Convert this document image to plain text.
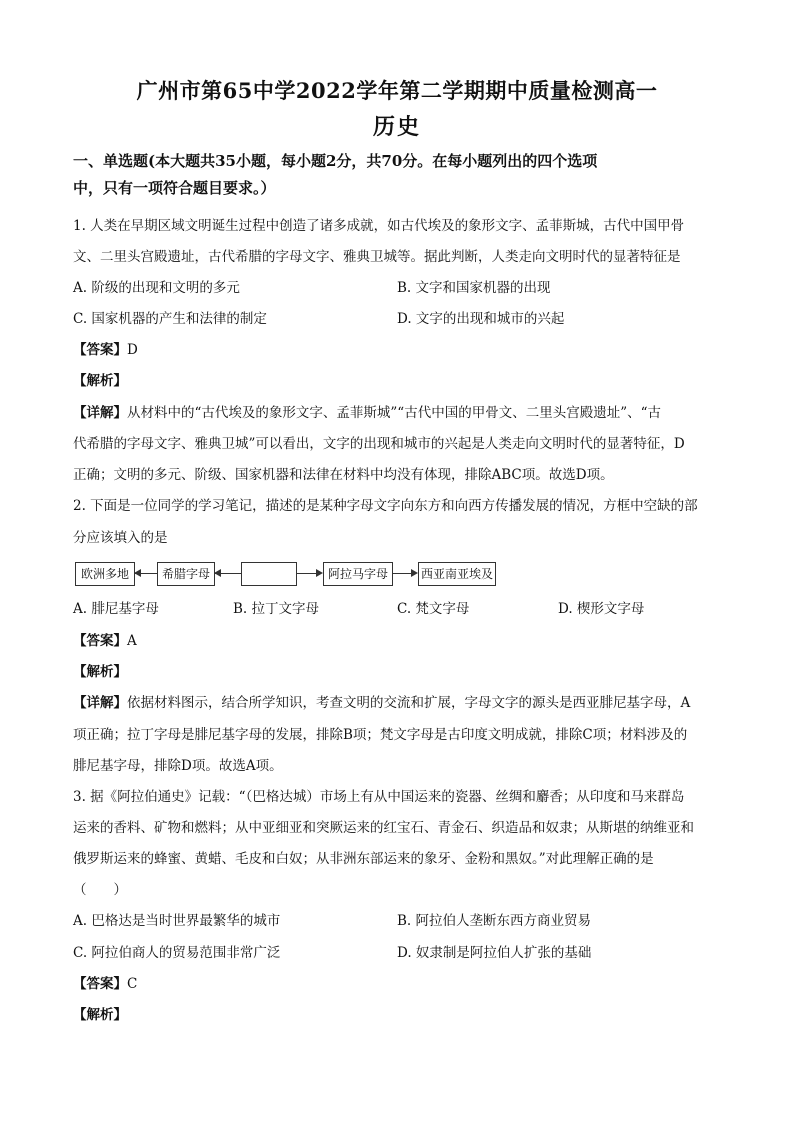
广州市第65中学2022学年第二学期期中质量检测高一
历史
一、单选题(本大题共35小题，每小题2分，共70分。在每小题列出的四个选项
中，只有一项符合题目要求。）
1. 人类在早期区域文明诞生过程中创造了诸多成就，如古代埃及的象形文字、孟菲斯城，古代中国甲骨
文、二里头宫殿遗址，古代希腊的字母文字、雅典卫城等。据此判断，人类走向文明时代的显著特征是
A. 阶级的出现和文明的多元	B. 文字和国家机器的出现
C. 国家机器的产生和法律的制定	D. 文字的出现和城市的兴起
【答案】D
【解析】
【详解】从材料中的“古代埃及的象形文字、孟菲斯城”“古代中国的甲骨文、二里头宫殿遗址”、“古
代希腊的字母文字、雅典卫城”可以看出，文字的出现和城市的兴起是人类走向文明时代的显著特征，D
正确；文明的多元、阶级、国家机器和法律在材料中均没有体现，排除ABC项。故选D项。
2. 下面是一位同学的学习笔记，描述的是某种字母文字向东方和向西方传播发展的情况，方框中空缺的部
分应该填入的是
欧洲多地	希腊字母	阿拉马字母	西亚南亚埃及
A. 腓尼基字母	B. 拉丁文字母	C. 梵文字母	D. 楔形文字母
【答案】A
【解析】
【详解】依据材料图示，结合所学知识，考查文明的交流和扩展，字母文字的源头是西亚腓尼基字母，A
项正确；拉丁字母是腓尼基字母的发展，排除B项；梵文字母是古印度文明成就，排除C项；材料涉及的
腓尼基字母，排除D项。故选A项。
3. 据《阿拉伯通史》记载：“（巴格达城）市场上有从中国运来的瓷器、丝绸和麝香；从印度和马来群岛
运来的香料、矿物和燃料；从中亚细亚和突厥运来的红宝石、青金石、织造品和奴隶；从斯堪的纳维亚和
俄罗斯运来的蜂蜜、黄蜡、毛皮和白奴；从非洲东部运来的象牙、金粉和黑奴。”对此理解正确的是
（　　）
A. 巴格达是当时世界最繁华的城市	B. 阿拉伯人垄断东西方商业贸易
C. 阿拉伯商人的贸易范围非常广泛	D. 奴隶制是阿拉伯人扩张的基础
【答案】C
【解析】
